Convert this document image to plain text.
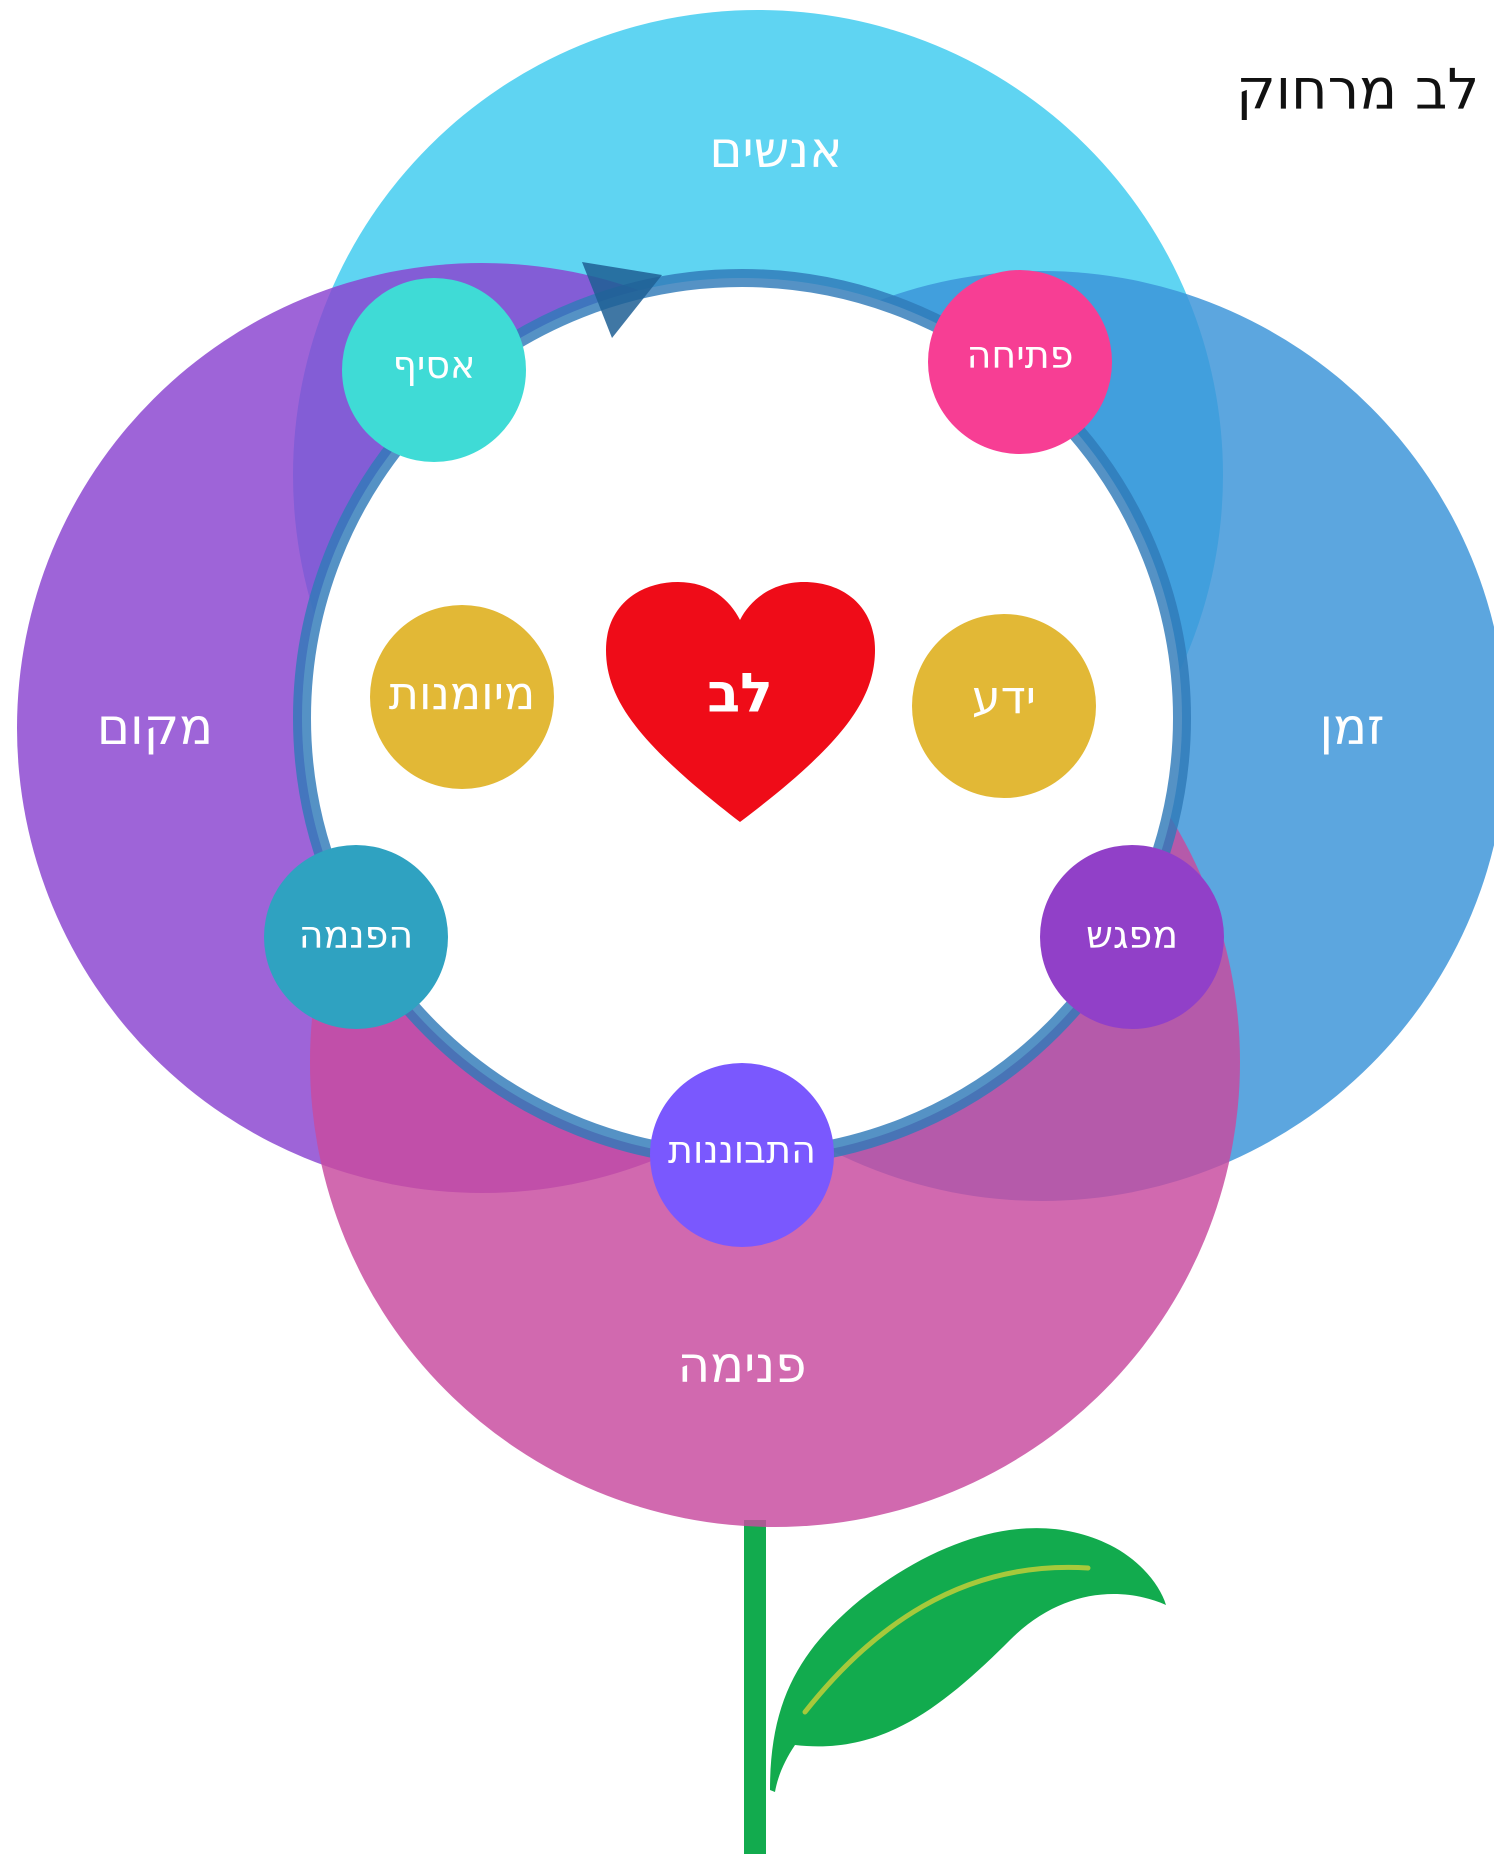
לב מרחוק
אנשים
מקום	זמן
פנימה
לב
אסיף	פתיחה
מיומנות	ידע
הפנמה	מפגש
התבוננות
